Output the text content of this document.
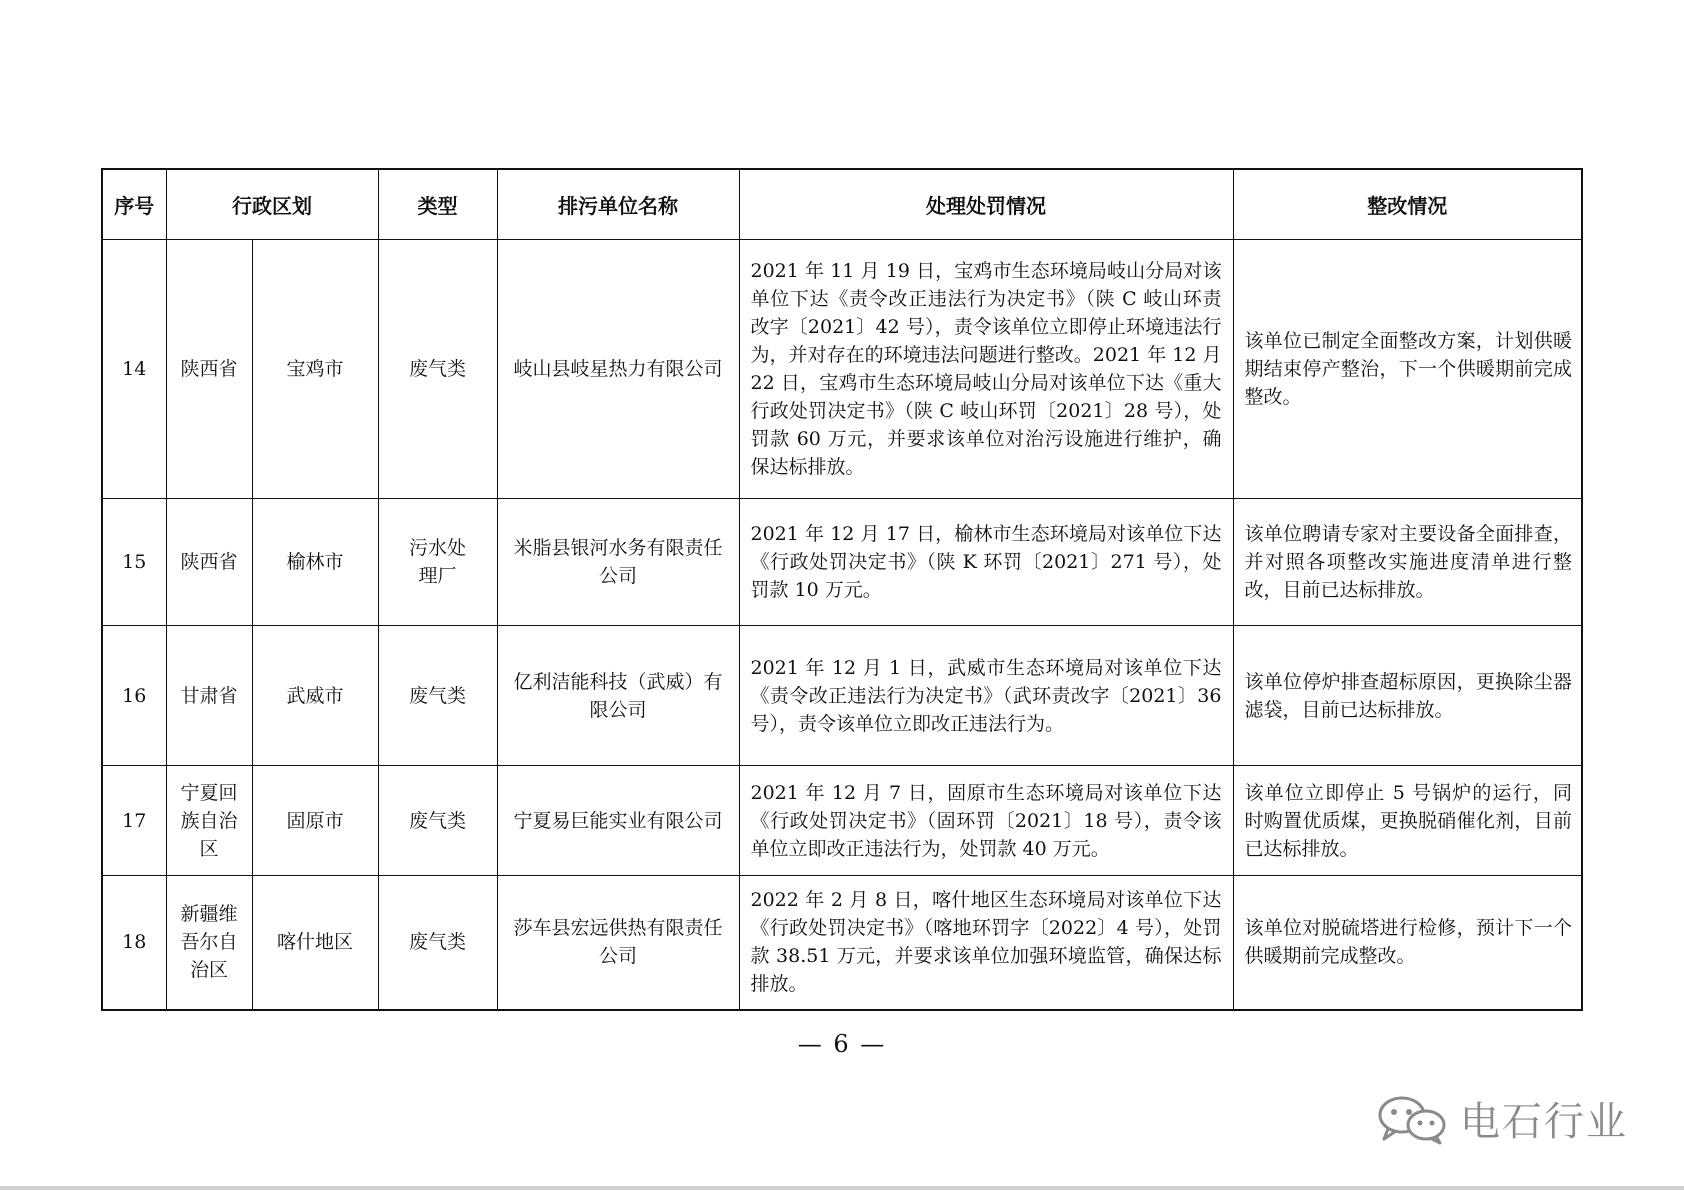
序号	行政区划		类型	排污单位名称	处理处罚情况	整改情况
14	陕西省	宝鸡市	废气类	岐山县岐星热力有限公司	2021 年 11 月 19 日，宝鸡市生态环境局岐山分局对该单位下达《责令改正违法行为决定书》（陕 C 岐山环责改字〔2021〕42 号），责令该单位立即停止环境违法行为，并对存在的环境违法问题进行整改。2021 年 12 月 22 日，宝鸡市生态环境局岐山分局对该单位下达《重大行政处罚决定书》（陕 C 岐山环罚〔2021〕28 号），处罚款 60 万元，并要求该单位对治污设施进行维护，确保达标排放。	该单位已制定全面整改方案，计划供暖期结束停产整治，下一个供暖期前完成整改。
15	陕西省	榆林市	污水处理厂	米脂县银河水务有限责任公司	2021 年 12 月 17 日，榆林市生态环境局对该单位下达《行政处罚决定书》（陕 K 环罚〔2021〕271 号），处罚款 10 万元。	该单位聘请专家对主要设备全面排查，并对照各项整改实施进度清单进行整改，目前已达标排放。
16	甘肃省	武威市	废气类	亿利洁能科技（武威）有限公司	2021 年 12 月 1 日，武威市生态环境局对该单位下达《责令改正违法行为决定书》（武环责改字〔2021〕36 号），责令该单位立即改正违法行为。	该单位停炉排查超标原因，更换除尘器滤袋，目前已达标排放。
17	宁夏回族自治区	固原市	废气类	宁夏易巨能实业有限公司	2021 年 12 月 7 日，固原市生态环境局对该单位下达《行政处罚决定书》（固环罚〔2021〕18 号），责令该单位立即改正违法行为，处罚款 40 万元。	该单位立即停止 5 号锅炉的运行，同时购置优质煤，更换脱硝催化剂，目前已达标排放。
18	新疆维吾尔自治区	喀什地区	废气类	莎车县宏远供热有限责任公司	2022 年 2 月 8 日，喀什地区生态环境局对该单位下达《行政处罚决定书》（喀地环罚字〔2022〕4 号），处罚款 38.51 万元，并要求该单位加强环境监管，确保达标排放。	该单位对脱硫塔进行检修，预计下一个供暖期前完成整改。
— 6 —
电石行业
